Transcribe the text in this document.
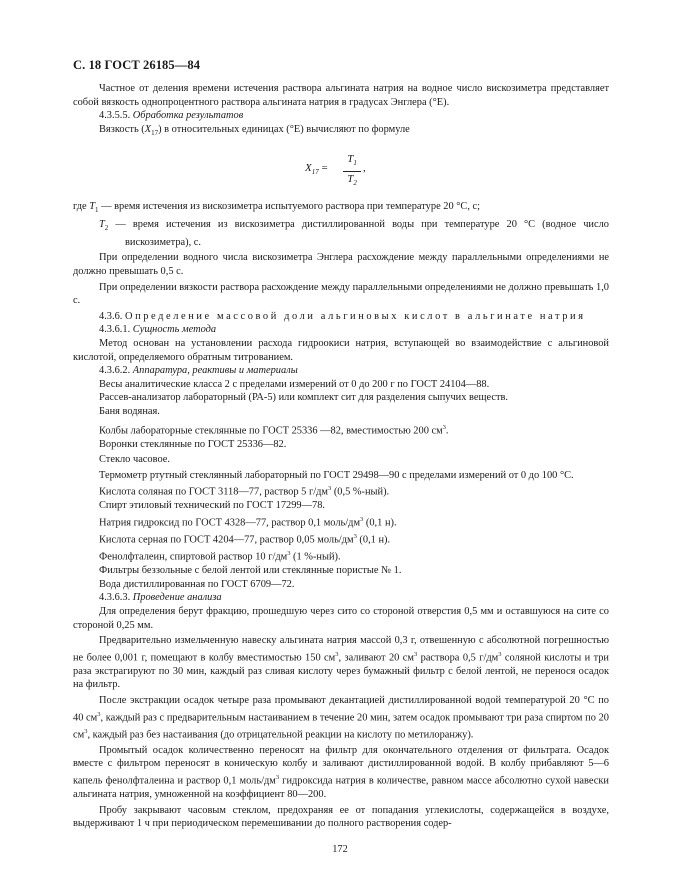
С. 18 ГОСТ 26185—84

Частное от деления времени истечения раствора альгината натрия на водное число вискозиметра представляет собой вязкость однопроцентного раствора альгината натрия в градусах Энглера (°Е).

4.3.5.5. Обработка результатов

Вязкость $(X_{17})$ в относительных единицах (°Е) вычисляют по формуле

$X_{17} = \frac{T_1}{T_2}$ ,

где $T_1$ — время истечения из вискозиметра испытуемого раствора при температуре 20 °С, с;

$T_2$ — время истечения из вискозиметра дистиллированной воды при температуре 20 °С (водное число вискозиметра), с.

При определении водного числа вискозиметра Энглера расхождение между параллельными определениями не должно превышать 0,5 с.

При определении вязкости раствора расхождение между параллельными определениями не должно превышать 1,0 с.

4.3.6. Определение массовой доли альгиновых кислот в альгинате натрия

4.3.6.1. Сущность метода

Метод основан на установлении расхода гидроокиси натрия, вступающей во взаимодействие с альгиновой кислотой, определяемого обратным титрованием.

4.3.6.2. Аппаратура, реактивы и материалы

Весы аналитические класса 2 с пределами измерений от 0 до 200 г по ГОСТ 24104—88.

Рассев-анализатор лабораторный (РА-5) или комплект сит для разделения сыпучих веществ.

Баня водяная.

Колбы лабораторные стеклянные по ГОСТ 25336 —82, вместимостью 200 $см^3$.

Воронки стеклянные по ГОСТ 25336—82.

Стекло часовое.

Термометр ртутный стеклянный лабораторный по ГОСТ 29498—90 с пределами измерений от 0 до 100 °С.

Кислота соляная по ГОСТ 3118—77, раствор 5 $г/дм^3$ (0,5 %-ный).

Спирт этиловый технический по ГОСТ 17299—78.

Натрия гидроксид по ГОСТ 4328—77, раствор 0,1 моль/$дм^3$ (0,1 н).

Кислота серная по ГОСТ 4204—77, раствор 0,05 моль/$дм^3$ (0,1 н).

Фенолфталеин, спиртовой раствор 10 $г/дм^3$ (1 %-ный).

Фильтры беззольные с белой лентой или стеклянные пористые № 1.

Вода дистиллированная по ГОСТ 6709—72.

4.3.6.3. Проведение анализа

Для определения берут фракцию, прошедшую через сито со стороной отверстия 0,5 мм и оставшуюся на сите со стороной 0,25 мм.

Предварительно измельченную навеску альгината натрия массой 0,3 г, отвешенную с абсолютной погрешностью не более 0,001 г, помещают в колбу вместимостью 150 $см^3$, заливают 20 $см^3$ раствора 0,5 $г/дм^3$ соляной кислоты и три раза экстрагируют по 30 мин, каждый раз сливая кислоту через бумажный фильтр с белой лентой, не перенося осадок на фильтр.

После экстракции осадок четыре раза промывают декантацией дистиллированной водой температурой 20 °С по 40 $см^3$, каждый раз с предварительным настаиванием в течение 20 мин, затем осадок промывают три раза спиртом по 20 $см^3$, каждый раз без настаивания (до отрицательной реакции на кислоту по метилоранжу).

Промытый осадок количественно переносят на фильтр для окончательного отделения от фильтрата. Осадок вместе с фильтром переносят в коническую колбу и заливают дистиллированной водой. В колбу прибавляют 5—6 капель фенолфталеина и раствор 0,1 моль/$дм^3$ гидроксида натрия в количестве, равном массе абсолютно сухой навески альгината натрия, умноженной на коэффициент 80—200.

Пробу закрывают часовым стеклом, предохраняя ее от попадания углекислоты, содержащейся в воздухе, выдерживают 1 ч при периодическом перемешивании до полного растворения содер-

172
